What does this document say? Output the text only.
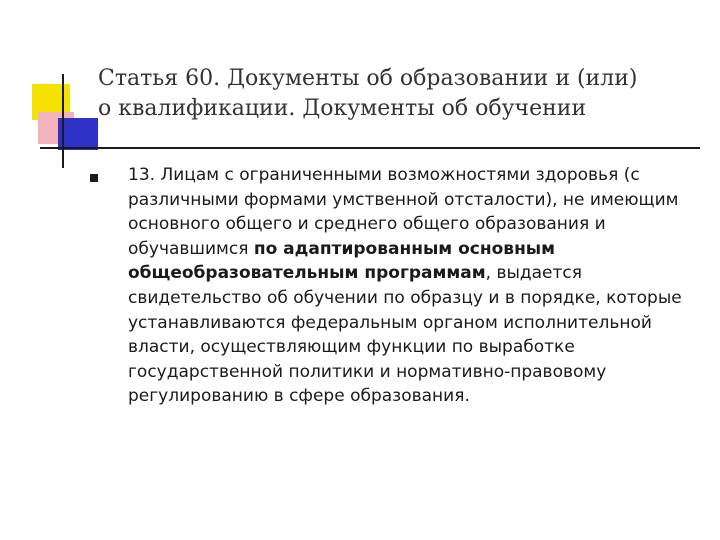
Статья 60. Документы об образовании и (или)
о квалификации. Документы об обучении

13. Лицам с ограниченными возможностями здоровья (с различными формами умственной отсталости), не имеющим основного общего и среднего общего образования и обучавшимся по адаптированным основным общеобразовательным программам, выдается свидетельство об обучении по образцу и в порядке, которые устанавливаются федеральным органом исполнительной власти, осуществляющим функции по выработке государственной политики и нормативно-правовому регулированию в сфере образования.
